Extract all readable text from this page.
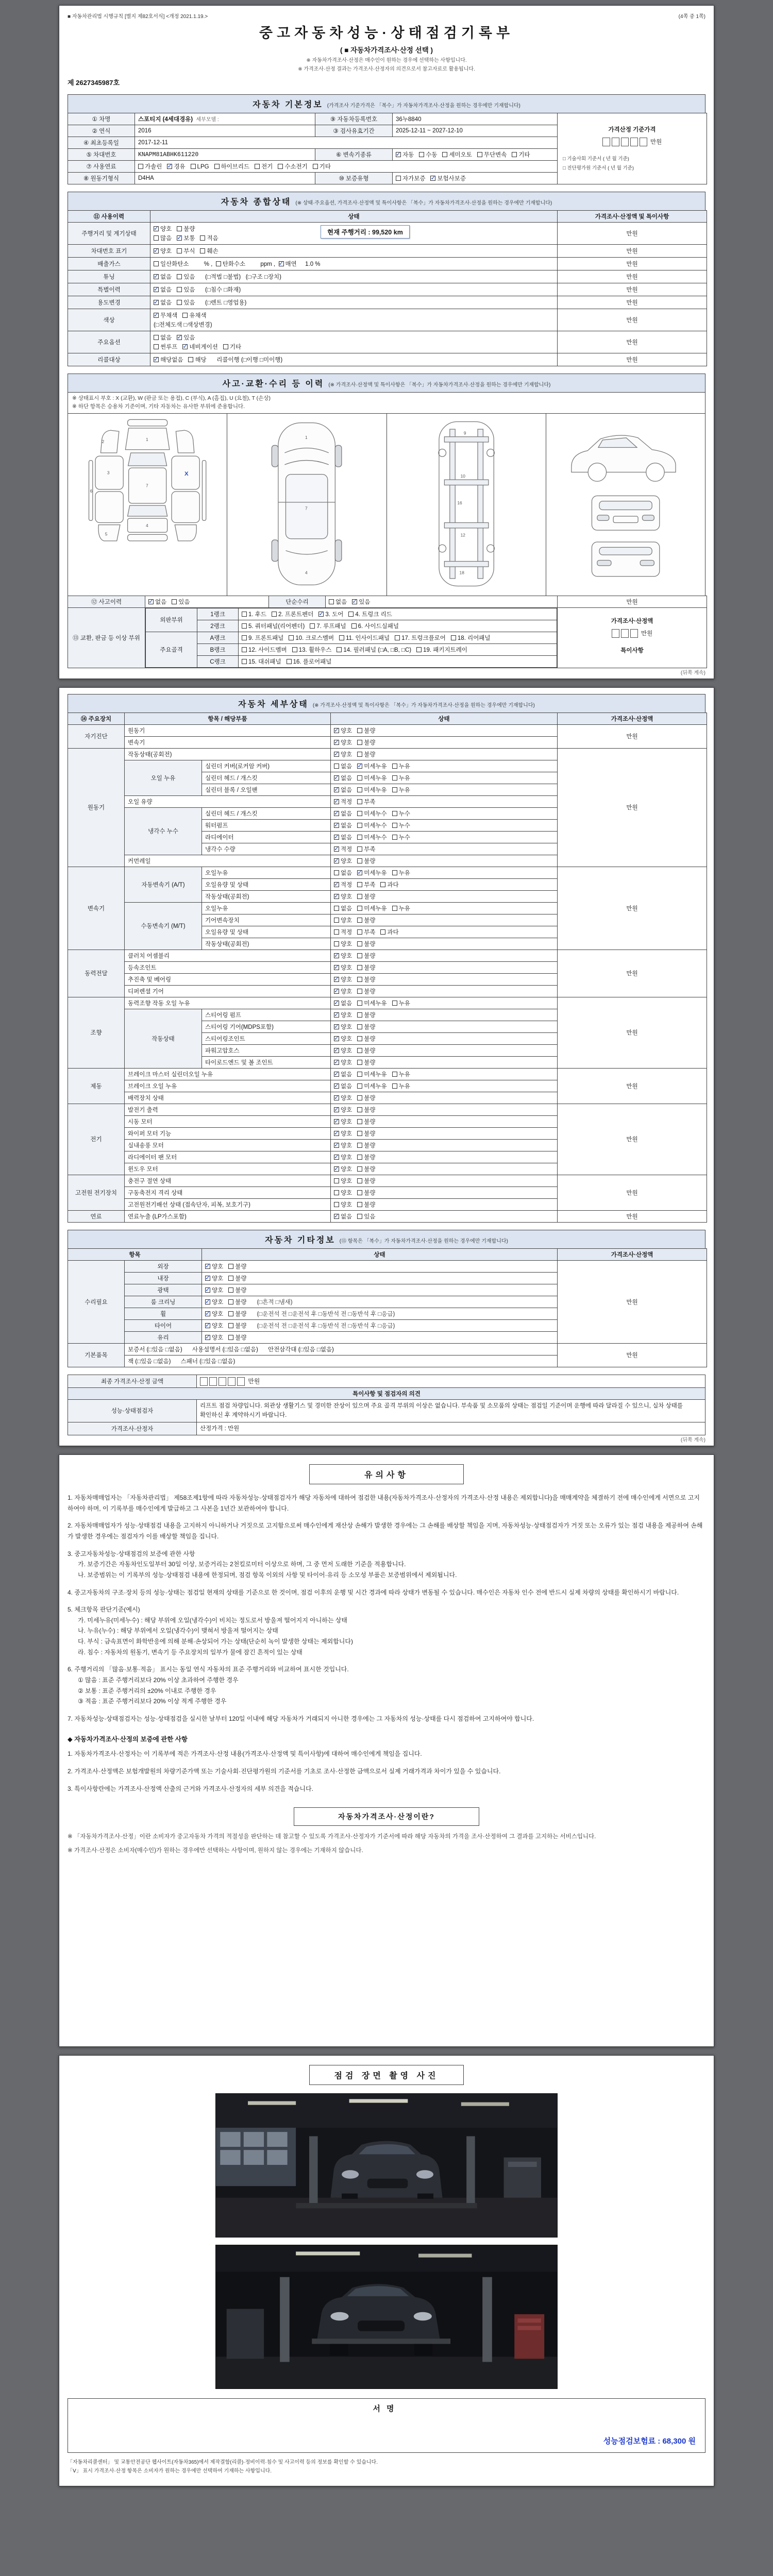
■ 자동차관리법 시행규칙 [별지 제82호서식] <개정 2021.1.19.>	(4쪽 중 1쪽)
중고자동차성능·상태점검기록부
( ■ 자동차가격조사·산정 선택 )
※ 자동차가격조사·산정은 매수인이 원하는 경우에 선택하는 사항입니다.
※ 가격조사·산정 결과는 가격조사·산정자의 의견으로서 참고자료로 활용됩니다.
제 2627345987호
자동차 기본정보 (가격조사 기준가격은 「복수」가 자동차가격조사·산정을 원하는 경우에만 기재합니다)
① 차명	스포티지 (4세대경유) 세부모델 :	⑨ 자동차등록번호	36누8840	가격산정 기준가격
만원
□ 기술사회 기준서 ( 년 월 기준)
□ 진단평가원 기준서 ( 년 월 기준)

② 연식	2016	③ 검사유효기간	2025-12-11 ~ 2027-12-10	
④ 최초등록일	2017-12-11			
⑤ 차대번호	KNAPM81ABHK611220	⑥ 변속기종류	✓자동 수동 세미오토 무단변속 기타
⑦ 사용연료	가솔린 ✓ 경유 LPG 하이브리드 전기 수소전기 기타
⑧ 원동기형식	D4HA	⑩ 보증유형	자가보증 ✓ 보험사보증
자동차 종합상태 (※ 상태·주요옵션, 가격조사·산정액 및 특이사항은 「복수」가 자동차가격조사·산정을 원하는 경우에만 기재합니다)
⑪ 사용이력	상태	가격조사·산정액 및 특이사항
주행거리 및 계기상태	
✓양호 불량
많음 ✓ 보통 적음
현재 주행거리 : 99,520 km	만원
차대번호 표기	
✓양호 부식 훼손	만원
배출가스	일산화탄소      % ,  탄화수소      ppm ,  ✓매연  1.0 %	만원
튜닝	
✓없음 있음   (□적법 □불법)   (□구조 □장치)	만원
특별이력	
✓없음 있음   (□침수 □화재)	만원
용도변경	
✓없음 있음   (□렌트 □영업용)	만원
색상	
✓무채색 유채색
(□전체도색 □색상변경)	만원
주요옵션	없음 ✓ 있음
썬루프 ✓ 네비게이션 기타	만원
리콜대상	
✓해당없음 해당   리콜이행 (□이행 □미이행)	만원
사고·교환·수리 등 이력 (※ 가격조사·산정액 및 특이사항은 「복수」가 자동차가격조사·산정을 원하는 경우에만 기재합니다)
※ 상태표시 부호 : X (교환), W (판금 또는 용접), C (부식), A (흠집), U (요철), T (손상)
※ 하단 항목은 승용차 기준이며, 기타 자동차는 유사한 부위에 준용합니다.
1
2
3
4
5
6
7
X

1
7
4

9
10
16
12
18

⑫ 사고이력	✓없음 있음	단순수리	없음 ✓ 있음	만원
⑬ 교환, 판금 등 이상 부위	
외판부위	1랭크	1. 후드 2. 프론트펜더 ✓ 3. 도어 4. 트렁크 리드
2랭크	5. 쿼터패널(리어펜더) 7. 루프패널 6. 사이드실패널
주요골격	A랭크	9. 프론트패널 10. 크로스멤버 11. 인사이드패널 17. 트렁크플로어 18. 리어패널
B랭크	12. 사이드멤버 13. 휠하우스 14. 필러패널 (□A, □B, □C) 19. 패키지트레이
C랭크	15. 대쉬패널 16. 플로어패널

가격조사·산정액
만원
특이사항
(뒤쪽 계속)
자동차 세부상태 (※ 가격조사·산정액 및 특이사항은 「복수」가 자동차가격조사·산정을 원하는 경우에만 기재합니다)
⑭ 주요장치	항목 / 해당부품		상태	가격조사·산정액
자기진단	원동기	✓양호 불량	만원
	변속기	✓양호 불량
원동기	작동상태(공회전)	✓양호 불량	만원
	오일 누유	실린더 커버(로커암 커버)	없음 ✓ 미세누유 누유
		실린더 헤드 / 개스킷	✓없음 미세누유 누유
		실린더 블록 / 오일팬	✓없음 미세누유 누유
	오일 유량	✓적정 부족
	냉각수 누수	실린더 헤드 / 개스킷	✓없음 미세누수 누수
		워터펌프	✓없음 미세누수 누수
		라디에이터	✓없음 미세누수 누수
		냉각수 수량	✓적정 부족
	커먼레일	✓양호 불량
변속기	자동변속기 (A/T)	오일누유	없음 ✓ 미세누유 누유	만원
		오일유량 및 상태	✓적정 부족 과다
		작동상태(공회전)	✓양호 불량
	수동변속기 (M/T)	오일누유	없음 미세누유 누유	
		기어변속장치	양호 불량	
		오일유량 및 상태	적정 부족 과다	
		작동상태(공회전)	양호 불량	
동력전달	클러치 어셈블리	✓양호 불량	만원
	등속조인트	✓양호 불량
	추진축 및 베어링	✓양호 불량
	디퍼렌셜 기어	✓양호 불량
조향	동력조향 작동 오일 누유	✓없음 미세누유 누유	만원
	작동상태	스티어링 펌프	✓양호 불량
		스티어링 기어(MDPS포함)	✓양호 불량
		스티어링조인트	✓양호 불량
		파워고압호스	✓양호 불량
		타이로드엔드 및 볼 조인트	✓양호 불량
제동	브레이크 마스터 실린더오일 누유	✓없음 미세누유 누유	만원
	브레이크 오일 누유	✓없음 미세누유 누유
	배력장치 상태	✓양호 불량
전기	발전기 출력	✓양호 불량	만원
	시동 모터	✓양호 불량
	와이퍼 모터 기능	✓양호 불량
	실내송풍 모터	✓양호 불량
	라디에이터 팬 모터	✓양호 불량
	윈도우 모터	✓양호 불량
고전원 전기장치	충전구 절연 상태		양호 불량	만원
	구동축전지 격리 상태		양호 불량	
	고전원전기배선 상태 (접속단자, 피복, 보호기구)		양호 불량	
연료	연료누출 (LP가스포함)	✓없음 있음	만원
자동차 기타정보 (⑮ 항목은 「복수」가 자동차가격조사·산정을 원하는 경우에만 기재합니다)
항목		상태	가격조사·산정액
수리필요	외장	✓양호 불량	만원
	내장	✓양호 불량
	광택	✓양호 불량
	룸 크리닝	✓양호 불량 (□흔적 □냄새)
	휠	✓양호 불량 (□운전석 전 □운전석 후 □동반석 전 □동반석 후 □응급)
	타이어	✓양호 불량 (□운전석 전 □운전석 후 □동반석 전 □동반석 후 □응급)
	유리	✓양호 불량
기본품목	보증서 (□있음 □없음)      사용설명서 (□있음 □없음)      안전삼각대 (□있음 □없음)		만원
	잭 (□있음 □없음)      스패너 (□있음 □없음)		
최종 가격조사·산정 금액	만원
특이사항 및 점검자의 의견	
성능·상태점검자	리프트 점검 차량입니다. 외관상 생활기스 및 경미한 잔상이 있으며 주요 골격 부위의 이상은 없습니다. 부속품 및 소모품의 상태는 점검일 기준이며 운행에 따라 달라질 수 있으니, 실차 상태를 확인하신 후 계약하시기 바랍니다.
가격조사·산정자	산정가격 : 만원
(뒤쪽 계속)
유의사항
1. 자동차매매업자는 「자동차관리법」 제58조제1항에 따라 자동차성능·상태점검자가 해당 자동차에 대하여 점검한 내용(자동차가격조사·산정자의 가격조사·산정 내용은 제외합니다)을 매매계약을 체결하기 전에 매수인에게 서면으로 고지하여야 하며, 이 기록부를 매수인에게 발급하고 그 사본을 1년간 보관하여야 합니다.
2. 자동차매매업자가 성능·상태점검 내용을 고지하지 아니하거나 거짓으로 고지함으로써 매수인에게 재산상 손해가 발생한 경우에는 그 손해를 배상할 책임을 지며, 자동차성능·상태점검자가 거짓 또는 오류가 있는 점검 내용을 제공하여 손해가 발생한 경우에는 점검자가 이를 배상할 책임을 집니다.
3. 중고자동차성능·상태점검의 보증에 관한 사항
가. 보증기간은 자동차인도일부터 30일 이상, 보증거리는 2천킬로미터 이상으로 하며, 그 중 먼저 도래한 기준을 적용합니다.
나. 보증범위는 이 기록부의 성능·상태점검 내용에 한정되며, 점검 항목 이외의 사항 및 타이어·유리 등 소모성 부품은 보증범위에서 제외됩니다.
4. 중고자동차의 구조·장치 등의 성능·상태는 점검일 현재의 상태를 기준으로 한 것이며, 점검 이후의 운행 및 시간 경과에 따라 상태가 변동될 수 있습니다. 매수인은 자동차 인수 전에 반드시 실제 차량의 상태를 확인하시기 바랍니다.
5. 체크항목 판단기준(예시)
가. 미세누유(미세누수) : 해당 부위에 오일(냉각수)이 비치는 정도로서 방울져 떨어지지 아니하는 상태
나. 누유(누수) : 해당 부위에서 오일(냉각수)이 맺혀서 방울져 떨어지는 상태
다. 부식 : 금속표면이 화학반응에 의해 분해·손상되어 가는 상태(단순히 녹이 발생한 상태는 제외합니다)
라. 침수 : 자동차의 원동기, 변속기 등 주요장치의 일부가 물에 잠긴 흔적이 있는 상태
6. 주행거리의 「많음·보통·적음」 표시는 동일 연식 자동차의 표준 주행거리와 비교하여 표시한 것입니다.
① 많음 : 표준 주행거리보다 20% 이상 초과하여 주행한 경우
② 보통 : 표준 주행거리의 ±20% 이내로 주행한 경우
③ 적음 : 표준 주행거리보다 20% 이상 적게 주행한 경우
7. 자동차성능·상태점검자는 성능·상태점검을 실시한 날부터 120일 이내에 해당 자동차가 거래되지 아니한 경우에는 그 자동차의 성능·상태를 다시 점검하여 고지하여야 합니다.
◆ 자동차가격조사·산정의 보증에 관한 사항
1. 자동차가격조사·산정자는 이 기록부에 적은 가격조사·산정 내용(가격조사·산정액 및 특이사항)에 대하여 매수인에게 책임을 집니다.
2. 가격조사·산정액은 보험개발원의 차량기준가액 또는 기술사회·진단평가원의 기준서를 기초로 조사·산정한 금액으로서 실제 거래가격과 차이가 있을 수 있습니다.
3. 특이사항란에는 가격조사·산정액 산출의 근거와 가격조사·산정자의 세부 의견을 적습니다.
자동차가격조사·산정이란?
※ 「자동차가격조사·산정」이란 소비자가 중고자동차 가격의 적절성을 판단하는 데 참고할 수 있도록 가격조사·산정자가 기준서에 따라 해당 자동차의 가격을 조사·산정하여 그 결과를 고지하는 서비스입니다.
※ 가격조사·산정은 소비자(매수인)가 원하는 경우에만 선택하는 사항이며, 원하지 않는 경우에는 기재하지 않습니다.
점검 장면 촬영 사진
서명
성능점검보험료 : 68,300 원
「자동차리콜센터」 및 교통안전공단 웹사이트(자동차365)에서 제작결함(리콜)·정비이력·침수 및 사고이력 등의 정보를 확인할 수 있습니다.
「Ⅴ」 표시 가격조사·산정 항목은 소비자가 원하는 경우에만 선택하여 기재하는 사항입니다.
